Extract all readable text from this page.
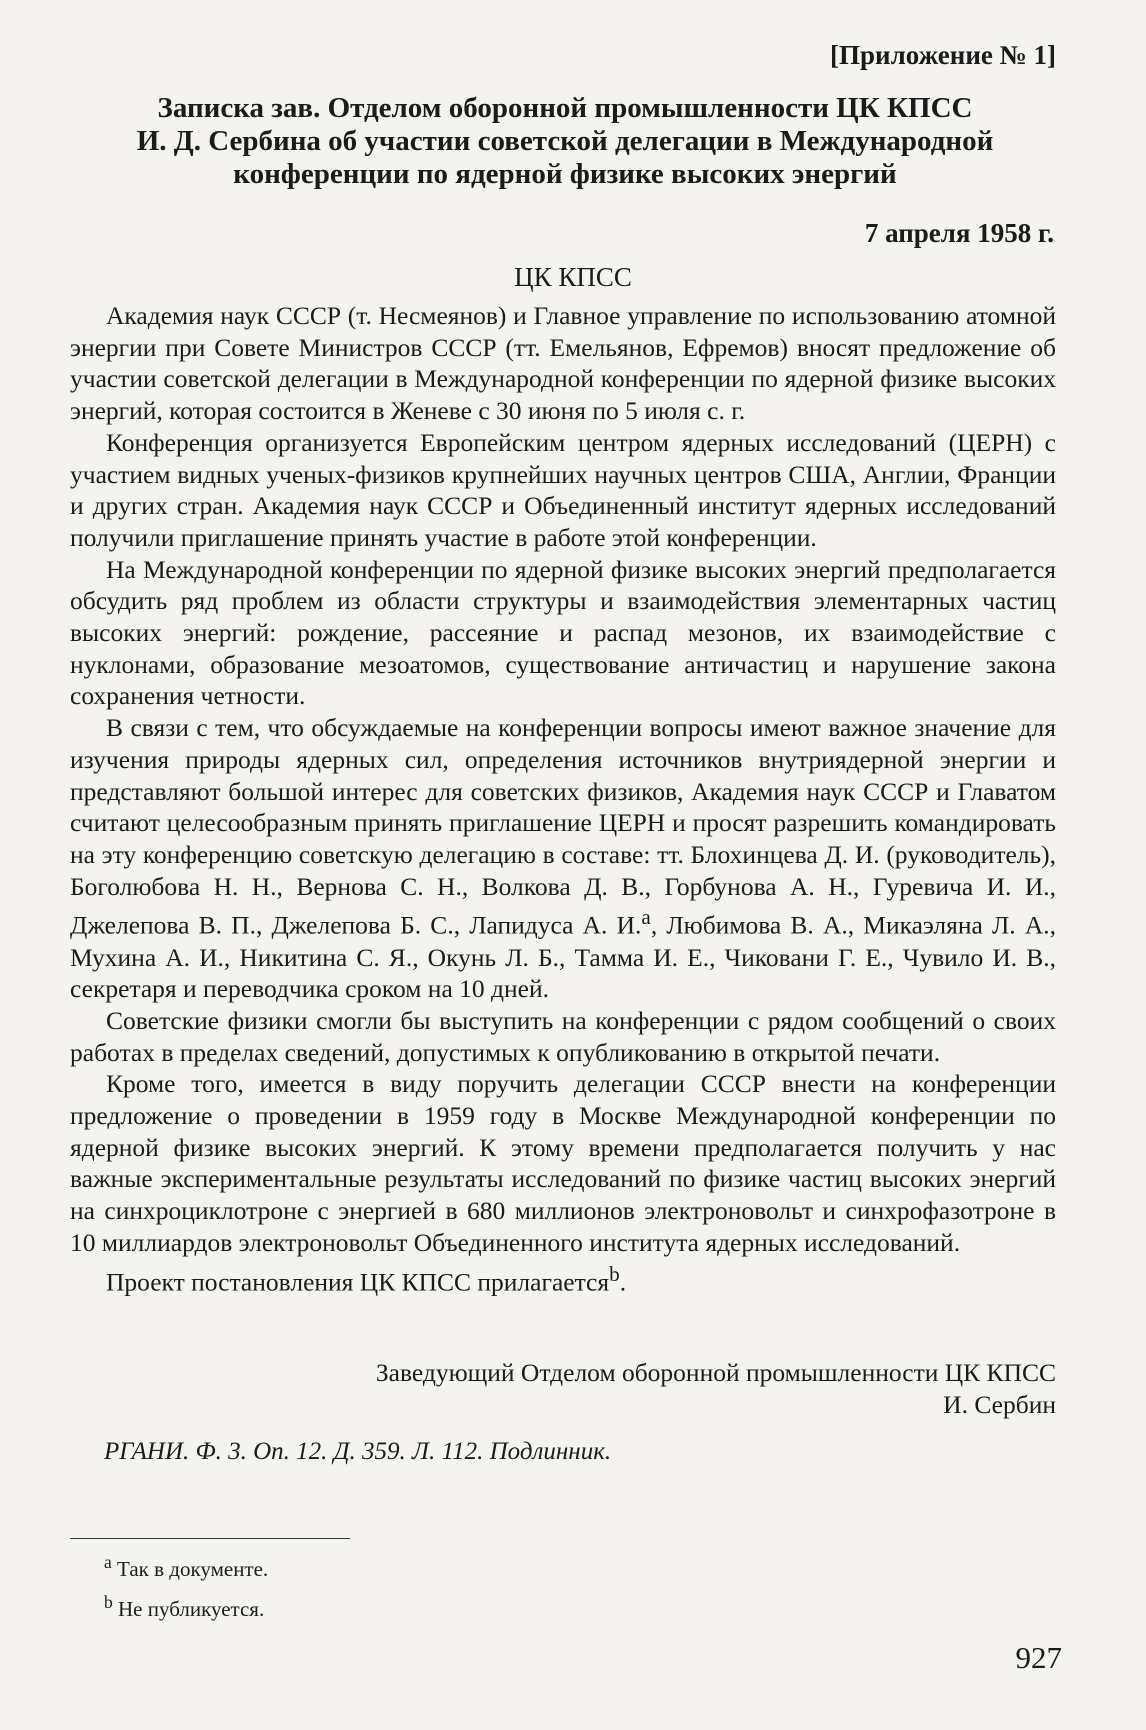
[Приложение № 1]
Записка зав. Отделом оборонной промышленности ЦК КПСС
И. Д. Сербина об участии советской делегации в Международной
конференции по ядерной физике высоких энергий
7 апреля 1958 г.
ЦК КПСС

Академия наук СССР (т. Несмеянов) и Главное управление по использованию атомной энергии при Совете Министров СССР (тт. Емельянов, Ефремов) вносят предложение об участии советской делегации в Международной конференции по ядерной физике высоких энергий, которая состоится в Женеве с 30 июня по 5 июля с. г.

Конференция организуется Европейским центром ядерных исследований (ЦЕРН) с участием видных ученых-физиков крупнейших научных центров США, Англии, Франции и других стран. Академия наук СССР и Объединенный институт ядерных исследований получили приглашение принять участие в работе этой конференции.

На Международной конференции по ядерной физике высоких энергий предполагается обсудить ряд проблем из области структуры и взаимодействия элементарных частиц высоких энергий: рождение, рассеяние и распад мезонов, их взаимодействие с нуклонами, образование мезоатомов, существование античастиц и нарушение закона сохранения четности.

В связи с тем, что обсуждаемые на конференции вопросы имеют важное значение для изучения природы ядерных сил, определения источников внутриядерной энергии и представляют большой интерес для советских физиков, Академия наук СССР и Главатом считают целесообразным принять приглашение ЦЕРН и просят разрешить командировать на эту конференцию советскую делегацию в составе: тт. Блохинцева Д. И. (руководитель), Боголюбова Н. Н., Вернова С. Н., Волкова Д. В., Горбунова А. Н., Гуревича И. И., Джелепова В. П., Джелепова Б. С., Лапидуса А. И.$^a$, Любимова В. А., Микаэляна Л. А., Мухина А. И., Никитина С. Я., Окунь Л. Б., Тамма И. Е., Чиковани Г. Е., Чувило И. В., секретаря и переводчика сроком на 10 дней.

Советские физики смогли бы выступить на конференции с рядом сообщений о своих работах в пределах сведений, допустимых к опубликованию в открытой печати.

Кроме того, имеется в виду поручить делегации СССР внести на конференции предложение о проведении в 1959 году в Москве Международной конференции по ядерной физике высоких энергий. К этому времени предполагается получить у нас важные экспериментальные результаты исследований по физике частиц высоких энергий на синхроциклотроне с энергией в 680 миллионов электроновольт и синхрофазотроне в 10 миллиардов электроновольт Объединенного института ядерных исследований.

Проект постановления ЦК КПСС прилагается$^b$.

Заведующий Отделом оборонной промышленности ЦК КПСС
И. Сербин
РГАНИ. Ф. 3. Оп. 12. Д. 359. Л. 112. Подлинник.
$^a$ Так в документе.
$^b$ Не публикуется.
927
